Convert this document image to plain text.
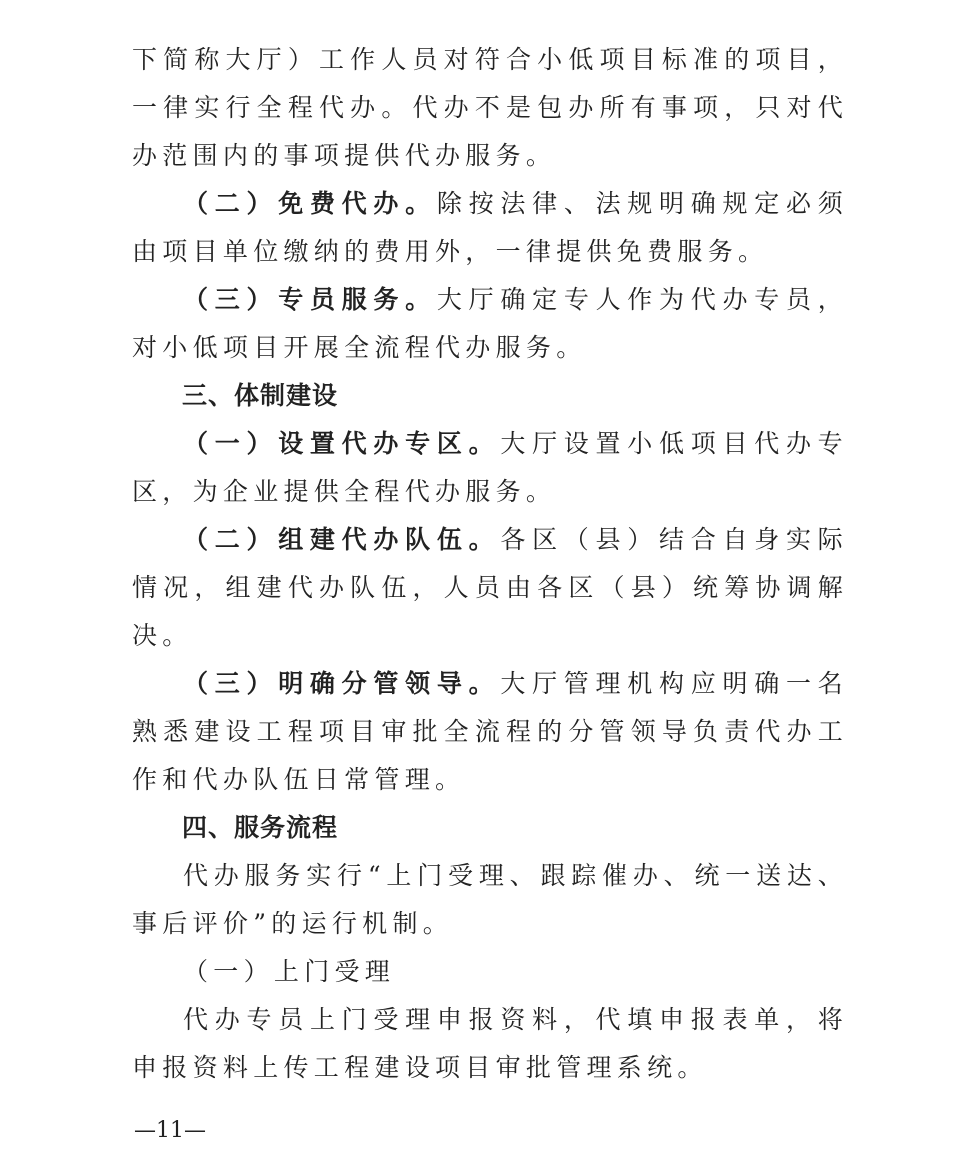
下简称大厅）工作人员对符合小低项目标准的项目，一律实行全程代办。代办不是包办所有事项，只对代办范围内的事项提供代办服务。

（二）免费代办。除按法律、法规明确规定必须由项目单位缴纳的费用外，一律提供免费服务。

（三）专员服务。大厅确定专人作为代办专员，对小低项目开展全流程代办服务。

三、体制建设

（一）设置代办专区。大厅设置小低项目代办专区，为企业提供全程代办服务。

（二）组建代办队伍。各区（县）结合自身实际情况，组建代办队伍，人员由各区（县）统筹协调解决。

（三）明确分管领导。大厅管理机构应明确一名熟悉建设工程项目审批全流程的分管领导负责代办工作和代办队伍日常管理。

四、服务流程

代办服务实行“上门受理、跟踪催办、统一送达、事后评价”的运行机制。

（一）上门受理

代办专员上门受理申报资料，代填申报表单，将申报资料上传工程建设项目审批管理系统。

—11—
